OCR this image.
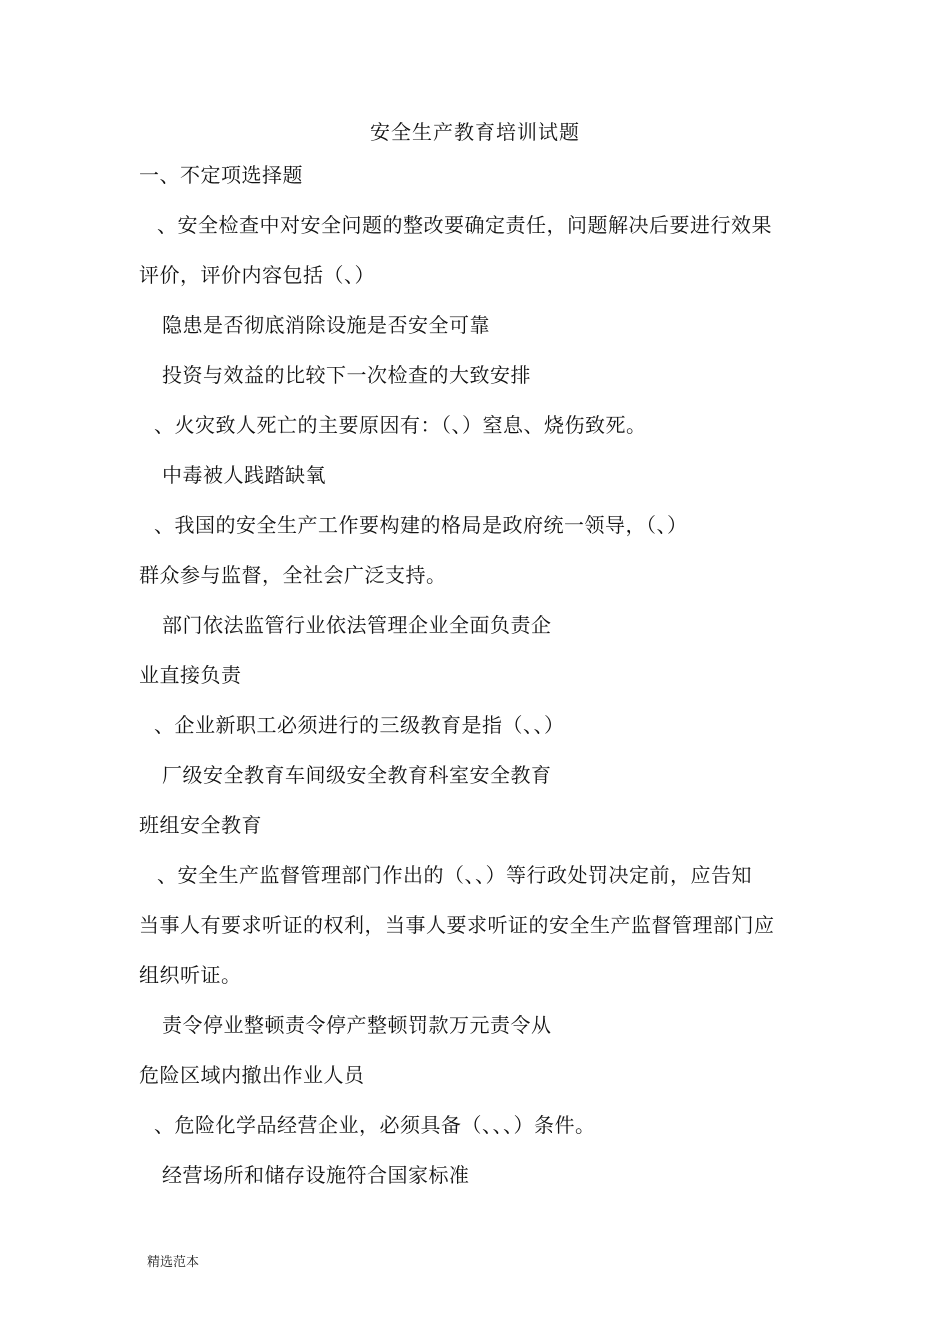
安全生产教育培训试题
一、不定项选择题
、安全检查中对安全问题的整改要确定责任，问题解决后要进行效果
评价，评价内容包括（、）
隐患是否彻底消除设施是否安全可靠
投资与效益的比较下一次检查的大致安排
、火灾致人死亡的主要原因有：（、）窒息、烧伤致死。
中毒被人践踏缺氧
、我国的安全生产工作要构建的格局是政府统一领导，（、）
群众参与监督，全社会广泛支持。
部门依法监管行业依法管理企业全面负责企
业直接负责
、企业新职工必须进行的三级教育是指（、、）
厂级安全教育车间级安全教育科室安全教育
班组安全教育
、安全生产监督管理部门作出的（、、）等行政处罚决定前，应告知
当事人有要求听证的权利，当事人要求听证的安全生产监督管理部门应
组织听证。
责令停业整顿责令停产整顿罚款万元责令从
危险区域内撤出作业人员
、危险化学品经营企业，必须具备（、、、）条件。
经营场所和储存设施符合国家标准
精选范本
